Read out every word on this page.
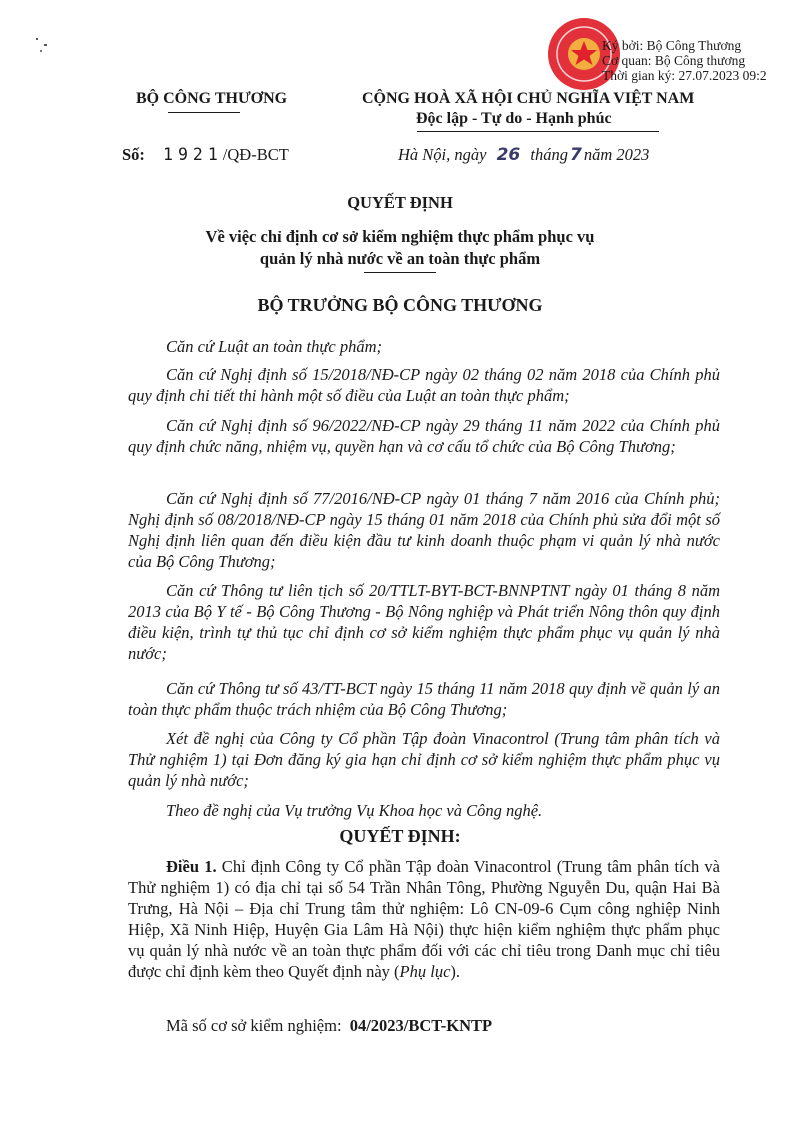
Ký bởi: Bộ Công Thương
Cơ quan: Bộ Công thương
Thời gian ký: 27.07.2023 09:2
BỘ CÔNG THƯƠNG	CỘNG HOÀ XÃ HỘI CHỦ NGHĨA VIỆT NAM
Độc lập - Tự do - Hạnh phúc
Số: 1921/QĐ-BCT	Hà Nội, ngày 26 tháng 7 năm 2023
QUYẾT ĐỊNH
Về việc chỉ định cơ sở kiểm nghiệm thực phẩm phục vụ
quản lý nhà nước về an toàn thực phẩm
BỘ TRƯỞNG BỘ CÔNG THƯƠNG
Căn cứ Luật an toàn thực phẩm;
Căn cứ Nghị định số 15/2018/NĐ-CP ngày 02 tháng 02 năm 2018 của Chính phủ quy định chi tiết thi hành một số điều của Luật an toàn thực phẩm;
Căn cứ Nghị định số 96/2022/NĐ-CP ngày 29 tháng 11 năm 2022 của Chính phủ quy định chức năng, nhiệm vụ, quyền hạn và cơ cấu tổ chức của Bộ Công Thương;
Căn cứ Nghị định số 77/2016/NĐ-CP ngày 01 tháng 7 năm 2016 của Chính phủ; Nghị định số 08/2018/NĐ-CP ngày 15 tháng 01 năm 2018 của Chính phủ sửa đổi một số Nghị định liên quan đến điều kiện đầu tư kinh doanh thuộc phạm vi quản lý nhà nước của Bộ Công Thương;
Căn cứ Thông tư liên tịch số 20/TTLT-BYT-BCT-BNNPTNT ngày 01 tháng 8 năm 2013 của Bộ Y tế - Bộ Công Thương - Bộ Nông nghiệp và Phát triển Nông thôn quy định điều kiện, trình tự thủ tục chỉ định cơ sở kiểm nghiệm thực phẩm phục vụ quản lý nhà nước;
Căn cứ Thông tư số 43/TT-BCT ngày 15 tháng 11 năm 2018 quy định về quản lý an toàn thực phẩm thuộc trách nhiệm của Bộ Công Thương;
Xét đề nghị của Công ty Cổ phần Tập đoàn Vinacontrol (Trung tâm phân tích và Thử nghiệm 1) tại Đơn đăng ký gia hạn chỉ định cơ sở kiểm nghiệm thực phẩm phục vụ quản lý nhà nước;
Theo đề nghị của Vụ trưởng Vụ Khoa học và Công nghệ.
QUYẾT ĐỊNH:
Điều 1. Chỉ định Công ty Cổ phần Tập đoàn Vinacontrol (Trung tâm phân tích và Thử nghiệm 1) có địa chỉ tại số 54 Trần Nhân Tông, Phường Nguyễn Du, quận Hai Bà Trưng, Hà Nội – Địa chỉ Trung tâm thử nghiệm: Lô CN-09-6 Cụm công nghiệp Ninh Hiệp, Xã Ninh Hiệp, Huyện Gia Lâm Hà Nội) thực hiện kiểm nghiệm thực phẩm phục vụ quản lý nhà nước về an toàn thực phẩm đối với các chỉ tiêu trong Danh mục chỉ tiêu được chỉ định kèm theo Quyết định này (Phụ lục).
Mã số cơ sở kiểm nghiệm: 04/2023/BCT-KNTP
